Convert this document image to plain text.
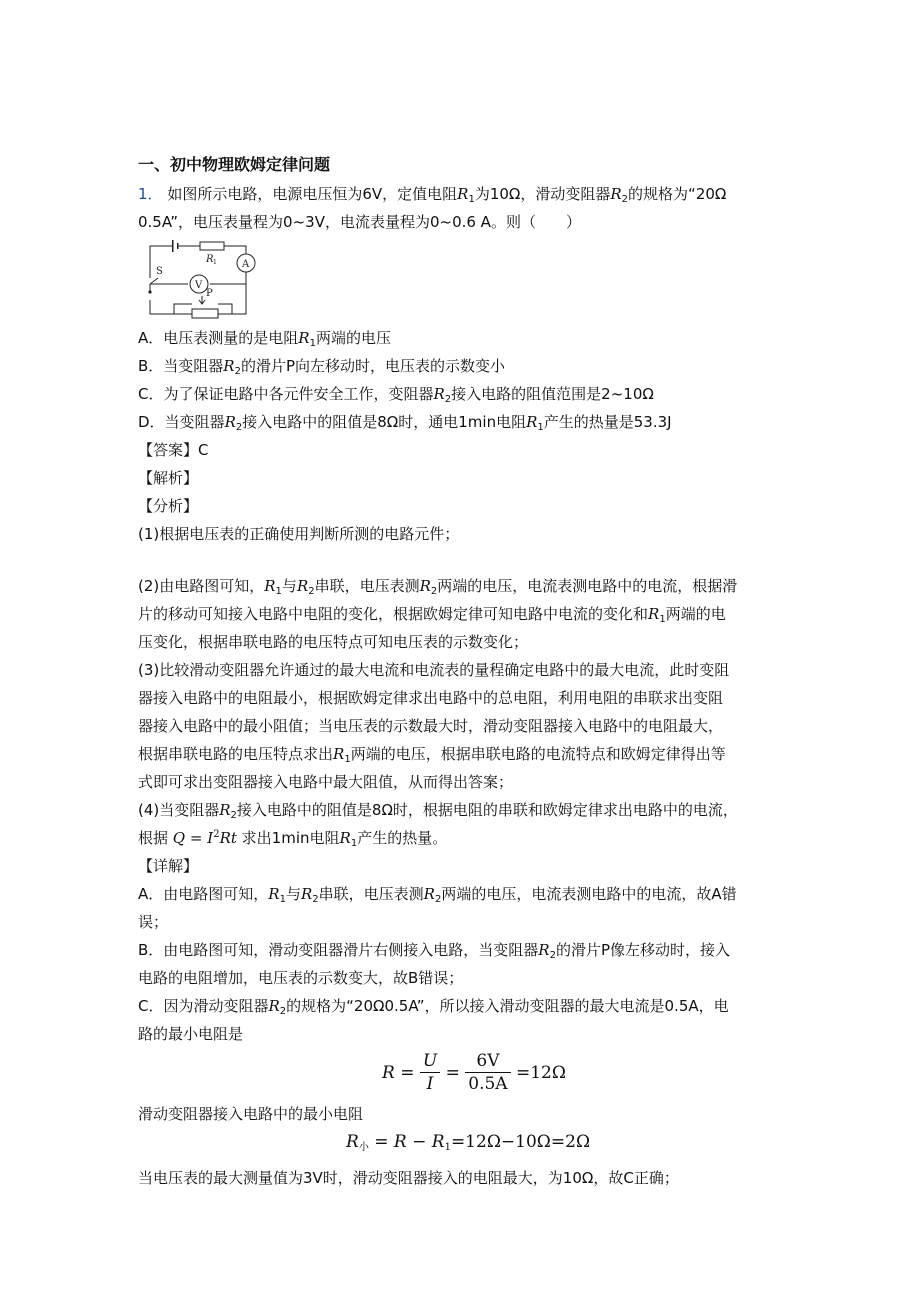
一、初中物理欧姆定律问题
1． 如图所示电路，电源电压恒为6V，定值电阻$R_1$为10Ω，滑动变阻器$R_2$的规格为“20Ω
0.5A”，电压表量程为0~3V，电流表量程为0~0.6 A。则（　　）
S
V
A
R 1
P
A．电压表测量的是电阻$R_1$两端的电压
B．当变阻器$R_2$的滑片P向左移动时，电压表的示数变小
C．为了保证电路中各元件安全工作，变阻器$R_2$接入电路的阻值范围是2~10Ω
D．当变阻器$R_2$接入电路中的阻值是8Ω时，通电1min电阻$R_1$产生的热量是53.3J
【答案】C
【解析】
【分析】
(1)根据电压表的正确使用判断所测的电路元件；
(2)由电路图可知，$R_1$与$R_2$串联，电压表测$R_2$两端的电压，电流表测电路中的电流，根据滑
片的移动可知接入电路中电阻的变化，根据欧姆定律可知电路中电流的变化和$R_1$两端的电
压变化，根据串联电路的电压特点可知电压表的示数变化；
(3)比较滑动变阻器允许通过的最大电流和电流表的量程确定电路中的最大电流，此时变阻
器接入电路中的电阻最小，根据欧姆定律求出电路中的总电阻，利用电阻的串联求出变阻
器接入电路中的最小阻值；当电压表的示数最大时，滑动变阻器接入电路中的电阻最大，
根据串联电路的电压特点求出$R_1$两端的电压，根据串联电路的电流特点和欧姆定律得出等
式即可求出变阻器接入电路中最大阻值，从而得出答案；
(4)当变阻器$R_2$接入电路中的阻值是8Ω时，根据电阻的串联和欧姆定律求出电路中的电流，
根据 $Q = I^2Rt$ 求出1min电阻$R_1$产生的热量。
【详解】
A．由电路图可知，$R_1$与$R_2$串联，电压表测$R_2$两端的电压，电流表测电路中的电流，故A错
误；
B．由电路图可知，滑动变阻器滑片右侧接入电路，当变阻器$R_2$的滑片P像左移动时，接入
电路的电阻增加，电压表的示数变大，故B错误；
C．因为滑动变阻器$R_2$的规格为“20Ω0.5A”，所以接入滑动变阻器的最大电流是0.5A，电
路的最小电阻是
$R = \frac{U}{I} = \frac{6V}{0.5A} =12\Omega$
滑动变阻器接入电路中的最小电阻
$R_小 = R - R_1=12\Omega-10\Omega=2\Omega$
当电压表的最大测量值为3V时，滑动变阻器接入的电阻最大，为10Ω，故C正确；
